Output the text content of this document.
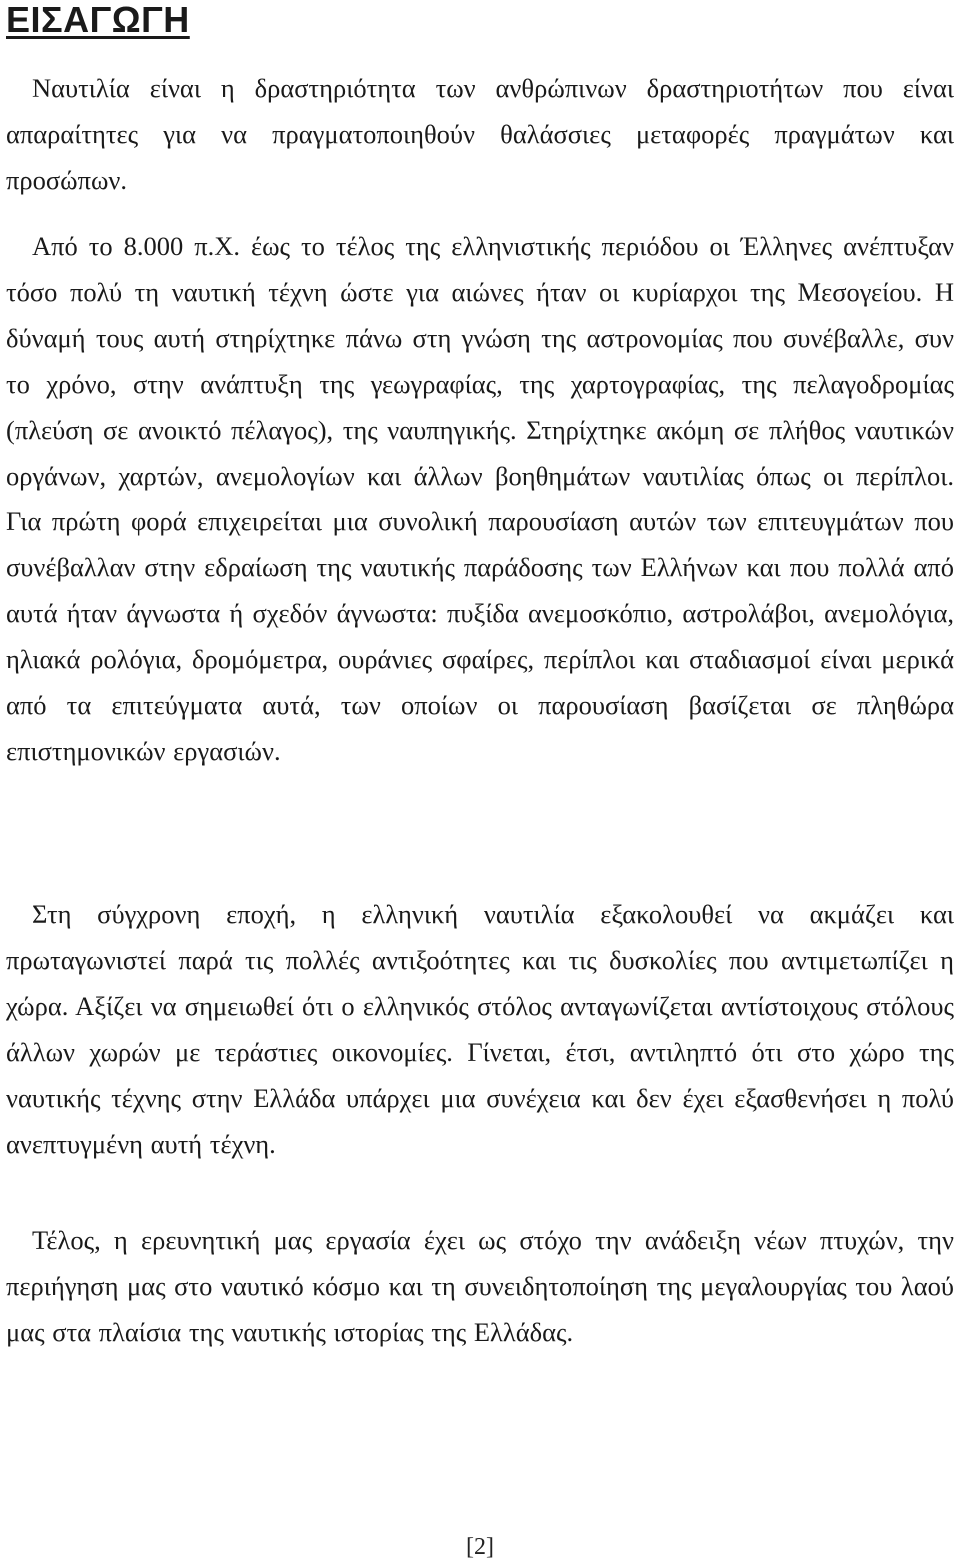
ΕΙΣΑΓΩΓΗ

Ναυτιλία είναι η δραστηριότητα των ανθρώπινων δραστηριοτήτων που είναι απαραίτητες για να πραγματοποιηθούν θαλάσσιες μεταφορές πραγμάτων και προσώπων.

Από το 8.000 π.Χ. έως το τέλος της ελληνιστικής περιόδου οι Έλληνες ανέπτυξαν τόσο πολύ τη ναυτική τέχνη ώστε για αιώνες ήταν οι κυρίαρχοι της Μεσογείου. Η δύναμή τους αυτή στηρίχτηκε πάνω στη γνώση της αστρονομίας που συνέβαλλε, συν το χρόνο, στην ανάπτυξη της γεωγραφίας, της χαρτογραφίας, της πελαγοδρομίας (πλεύση σε ανοικτό πέλαγος), της ναυπηγικής. Στηρίχτηκε ακόμη σε πλήθος ναυτικών οργάνων, χαρτών, ανεμολογίων και άλλων βοηθημάτων ναυτιλίας όπως οι περίπλοι. Για πρώτη φορά επιχειρείται μια συνολική παρουσίαση αυτών των επιτευγμάτων που συνέβαλλαν στην εδραίωση της ναυτικής παράδοσης των Ελλήνων και που πολλά από αυτά ήταν άγνωστα ή σχεδόν άγνωστα: πυξίδα ανεμοσκόπιο, αστρολάβοι, ανεμολόγια, ηλιακά ρολόγια, δρομόμετρα, ουράνιες σφαίρες, περίπλοι και σταδιασμοί είναι μερικά από τα επιτεύγματα αυτά, των οποίων οι παρουσίαση βασίζεται σε πληθώρα επιστημονικών εργασιών.

Στη σύγχρονη εποχή, η ελληνική ναυτιλία εξακολουθεί να ακμάζει και πρωταγωνιστεί παρά τις πολλές αντιξοότητες και τις δυσκολίες που αντιμετωπίζει η χώρα. Αξίζει να σημειωθεί ότι ο ελληνικός στόλος ανταγωνίζεται αντίστοιχους στόλους άλλων χωρών με τεράστιες οικονομίες. Γίνεται, έτσι, αντιληπτό ότι στο χώρο της ναυτικής τέχνης στην Ελλάδα υπάρχει μια συνέχεια και δεν έχει εξασθενήσει η πολύ ανεπτυγμένη αυτή τέχνη.

Τέλος, η ερευνητική μας εργασία έχει ως στόχο την ανάδειξη νέων πτυχών, την περιήγηση μας στο ναυτικό κόσμο και τη συνειδητοποίηση της μεγαλουργίας του λαού μας στα πλαίσια της ναυτικής ιστορίας της Ελλάδας.

[2]
